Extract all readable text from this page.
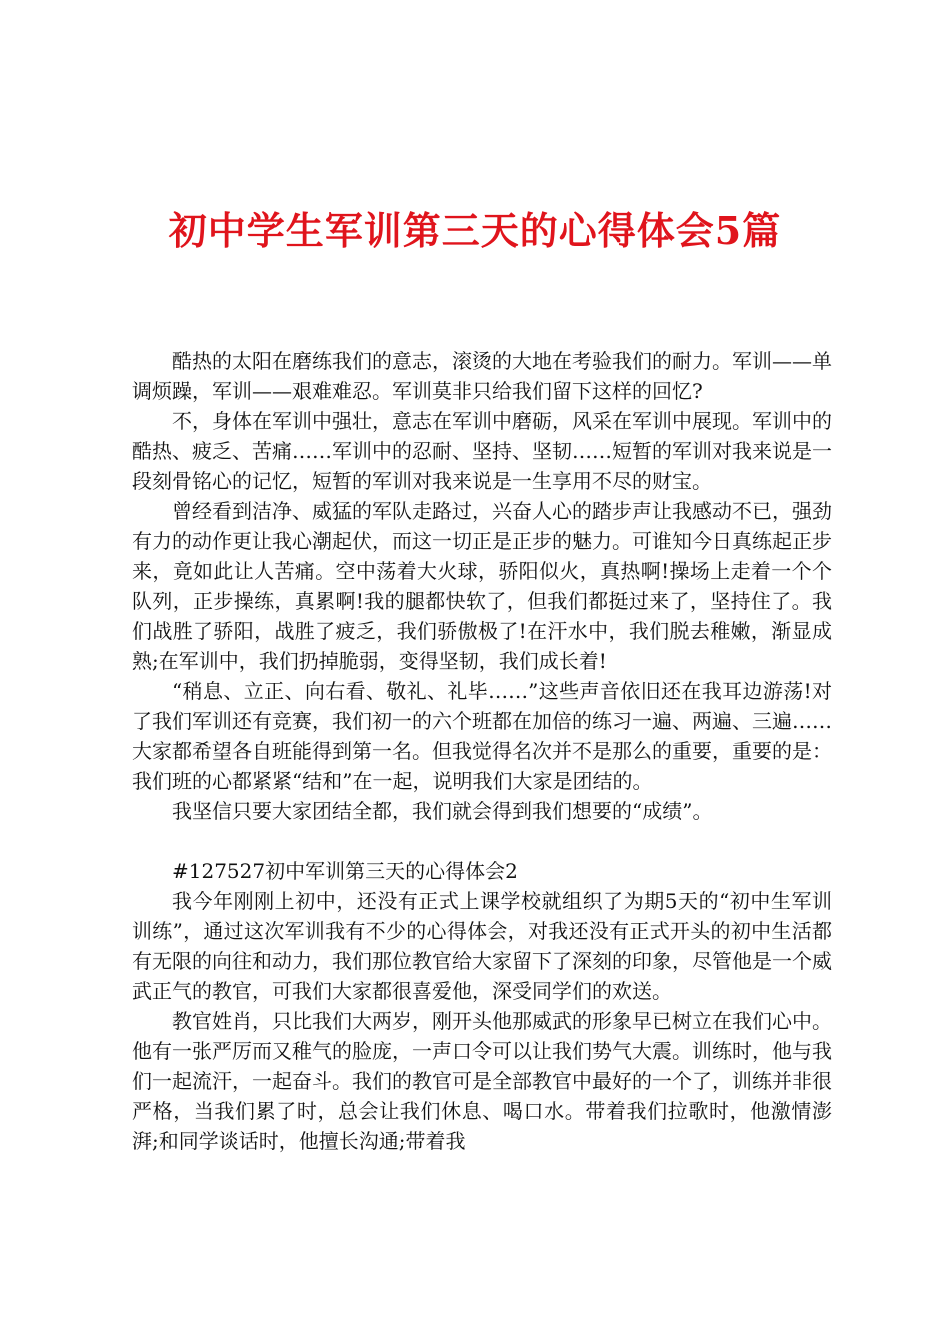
初中学生军训第三天的心得体会5篇

酷热的太阳在磨练我们的意志，滚烫的大地在考验我们的耐力。军训——单调烦躁，军训——艰难难忍。军训莫非只给我们留下这样的回忆?

不，身体在军训中强壮，意志在军训中磨砺，风采在军训中展现。军训中的酷热、疲乏、苦痛……军训中的忍耐、坚持、坚韧……短暂的军训对我来说是一段刻骨铭心的记忆，短暂的军训对我来说是一生享用不尽的财宝。

曾经看到洁净、威猛的军队走路过，兴奋人心的踏步声让我感动不已，强劲有力的动作更让我心潮起伏，而这一切正是正步的魅力。可谁知今日真练起正步来，竟如此让人苦痛。空中荡着大火球，骄阳似火，真热啊!操场上走着一个个队列，正步操练，真累啊!我的腿都快软了，但我们都挺过来了，坚持住了。我们战胜了骄阳，战胜了疲乏，我们骄傲极了!在汗水中，我们脱去稚嫩，渐显成熟;在军训中，我们扔掉脆弱，变得坚韧，我们成长着!

“稍息、立正、向右看、敬礼、礼毕……”这些声音依旧还在我耳边游荡!对了我们军训还有竞赛，我们初一的六个班都在加倍的练习一遍、两遍、三遍……大家都希望各自班能得到第一名。但我觉得名次并不是那么的重要，重要的是：我们班的心都紧紧“结和”在一起，说明我们大家是团结的。

我坚信只要大家团结全都，我们就会得到我们想要的“成绩”。

#127527初中军训第三天的心得体会2

我今年刚刚上初中，还没有正式上课学校就组织了为期5天的“初中生军训训练”，通过这次军训我有不少的心得体会，对我还没有正式开头的初中生活都有无限的向往和动力，我们那位教官给大家留下了深刻的印象，尽管他是一个威武正气的教官，可我们大家都很喜爱他，深受同学们的欢送。

教官姓肖，只比我们大两岁，刚开头他那威武的形象早已树立在我们心中。他有一张严厉而又稚气的脸庞，一声口令可以让我们势气大震。训练时，他与我们一起流汗，一起奋斗。我们的教官可是全部教官中最好的一个了，训练并非很严格，当我们累了时，总会让我们休息、喝口水。带着我们拉歌时，他激情澎湃;和同学谈话时，他擅长沟通;带着我
